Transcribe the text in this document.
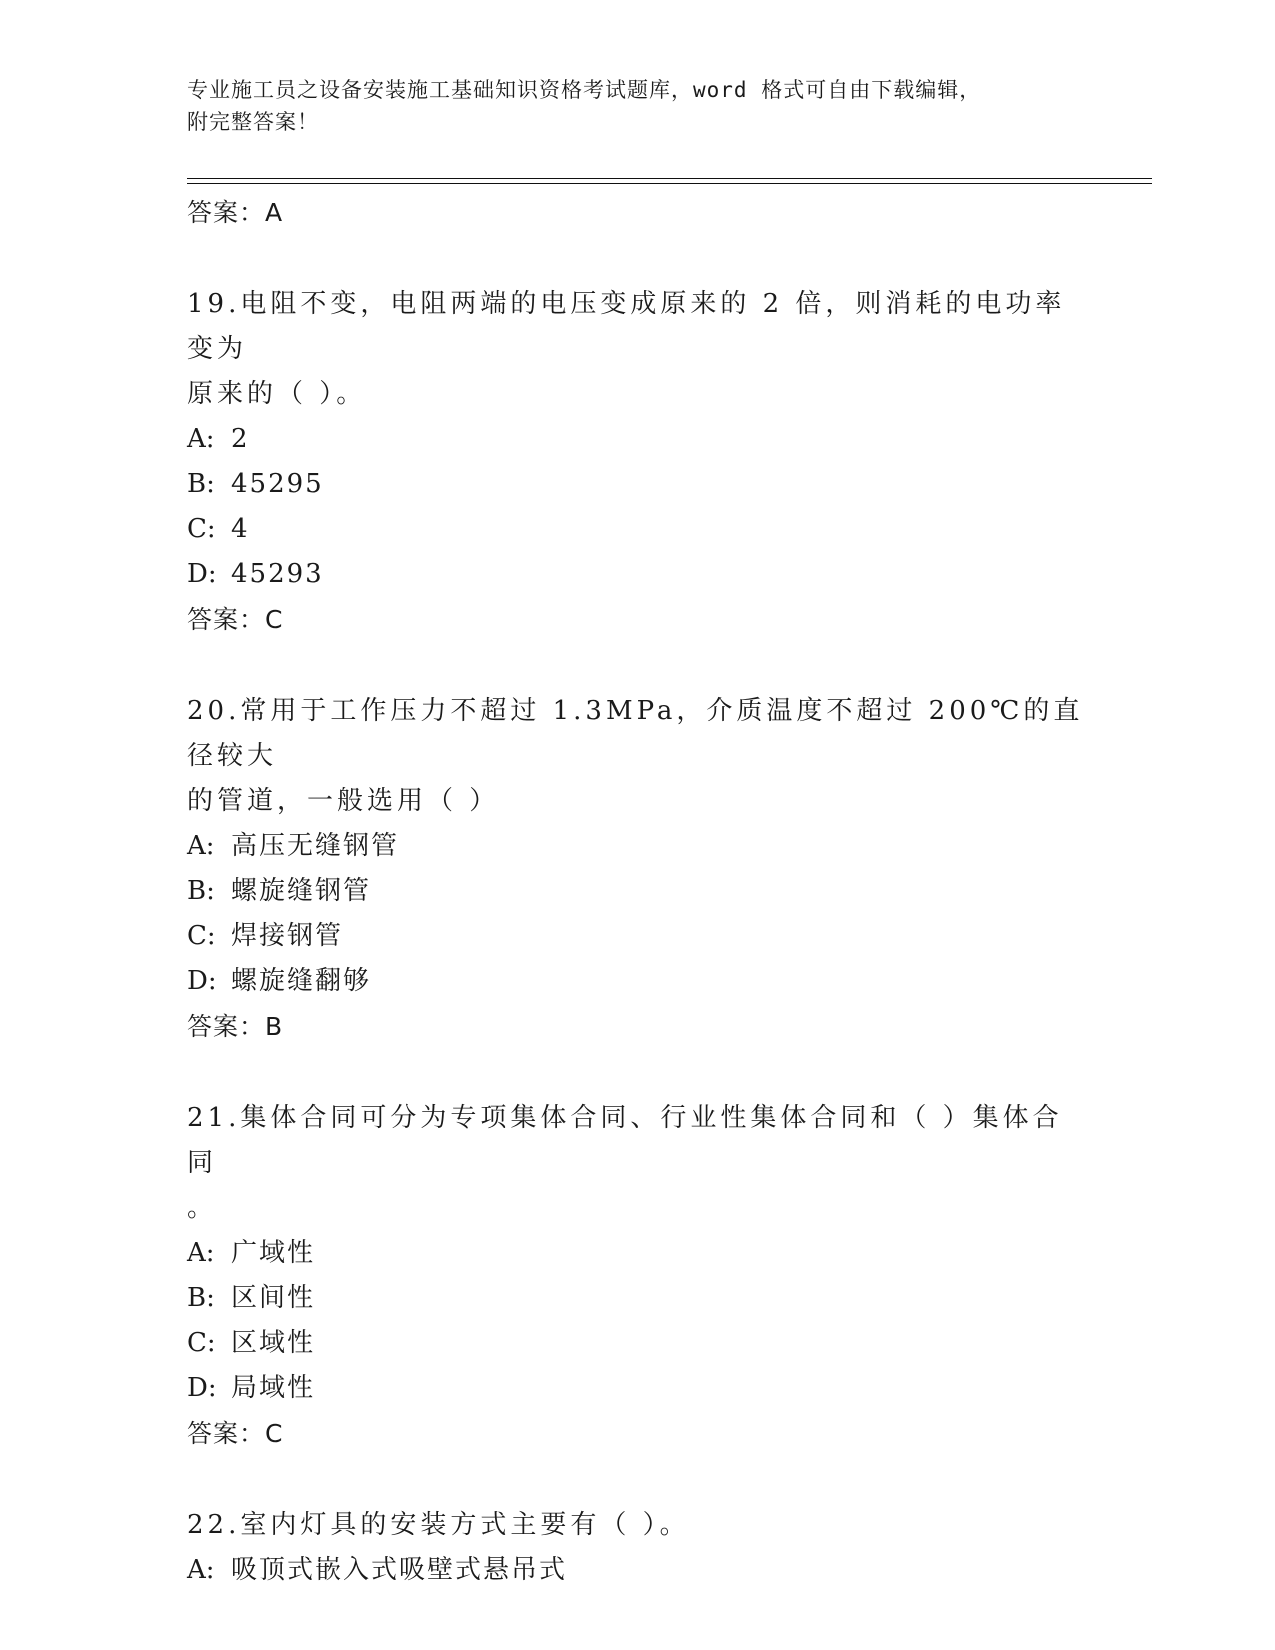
专业施工员之设备安装施工基础知识资格考试题库，word 格式可自由下载编辑，
附完整答案！
答案：A
19.电阻不变，电阻两端的电压变成原来的 2 倍，则消耗的电功率变为
原来的（ ）。
A: 2
B: 45295
C: 4
D: 45293
答案：C
20.常用于工作压力不超过 1.3MPa，介质温度不超过 200℃的直径较大
的管道，一般选用（ ）
A: 高压无缝钢管
B: 螺旋缝钢管
C: 焊接钢管
D: 螺旋缝翻够
答案：B
21.集体合同可分为专项集体合同、行业性集体合同和（ ）集体合同
。
A: 广域性
B: 区间性
C: 区域性
D: 局域性
答案：C
22.室内灯具的安装方式主要有（ ）。
A: 吸顶式嵌入式吸壁式悬吊式
